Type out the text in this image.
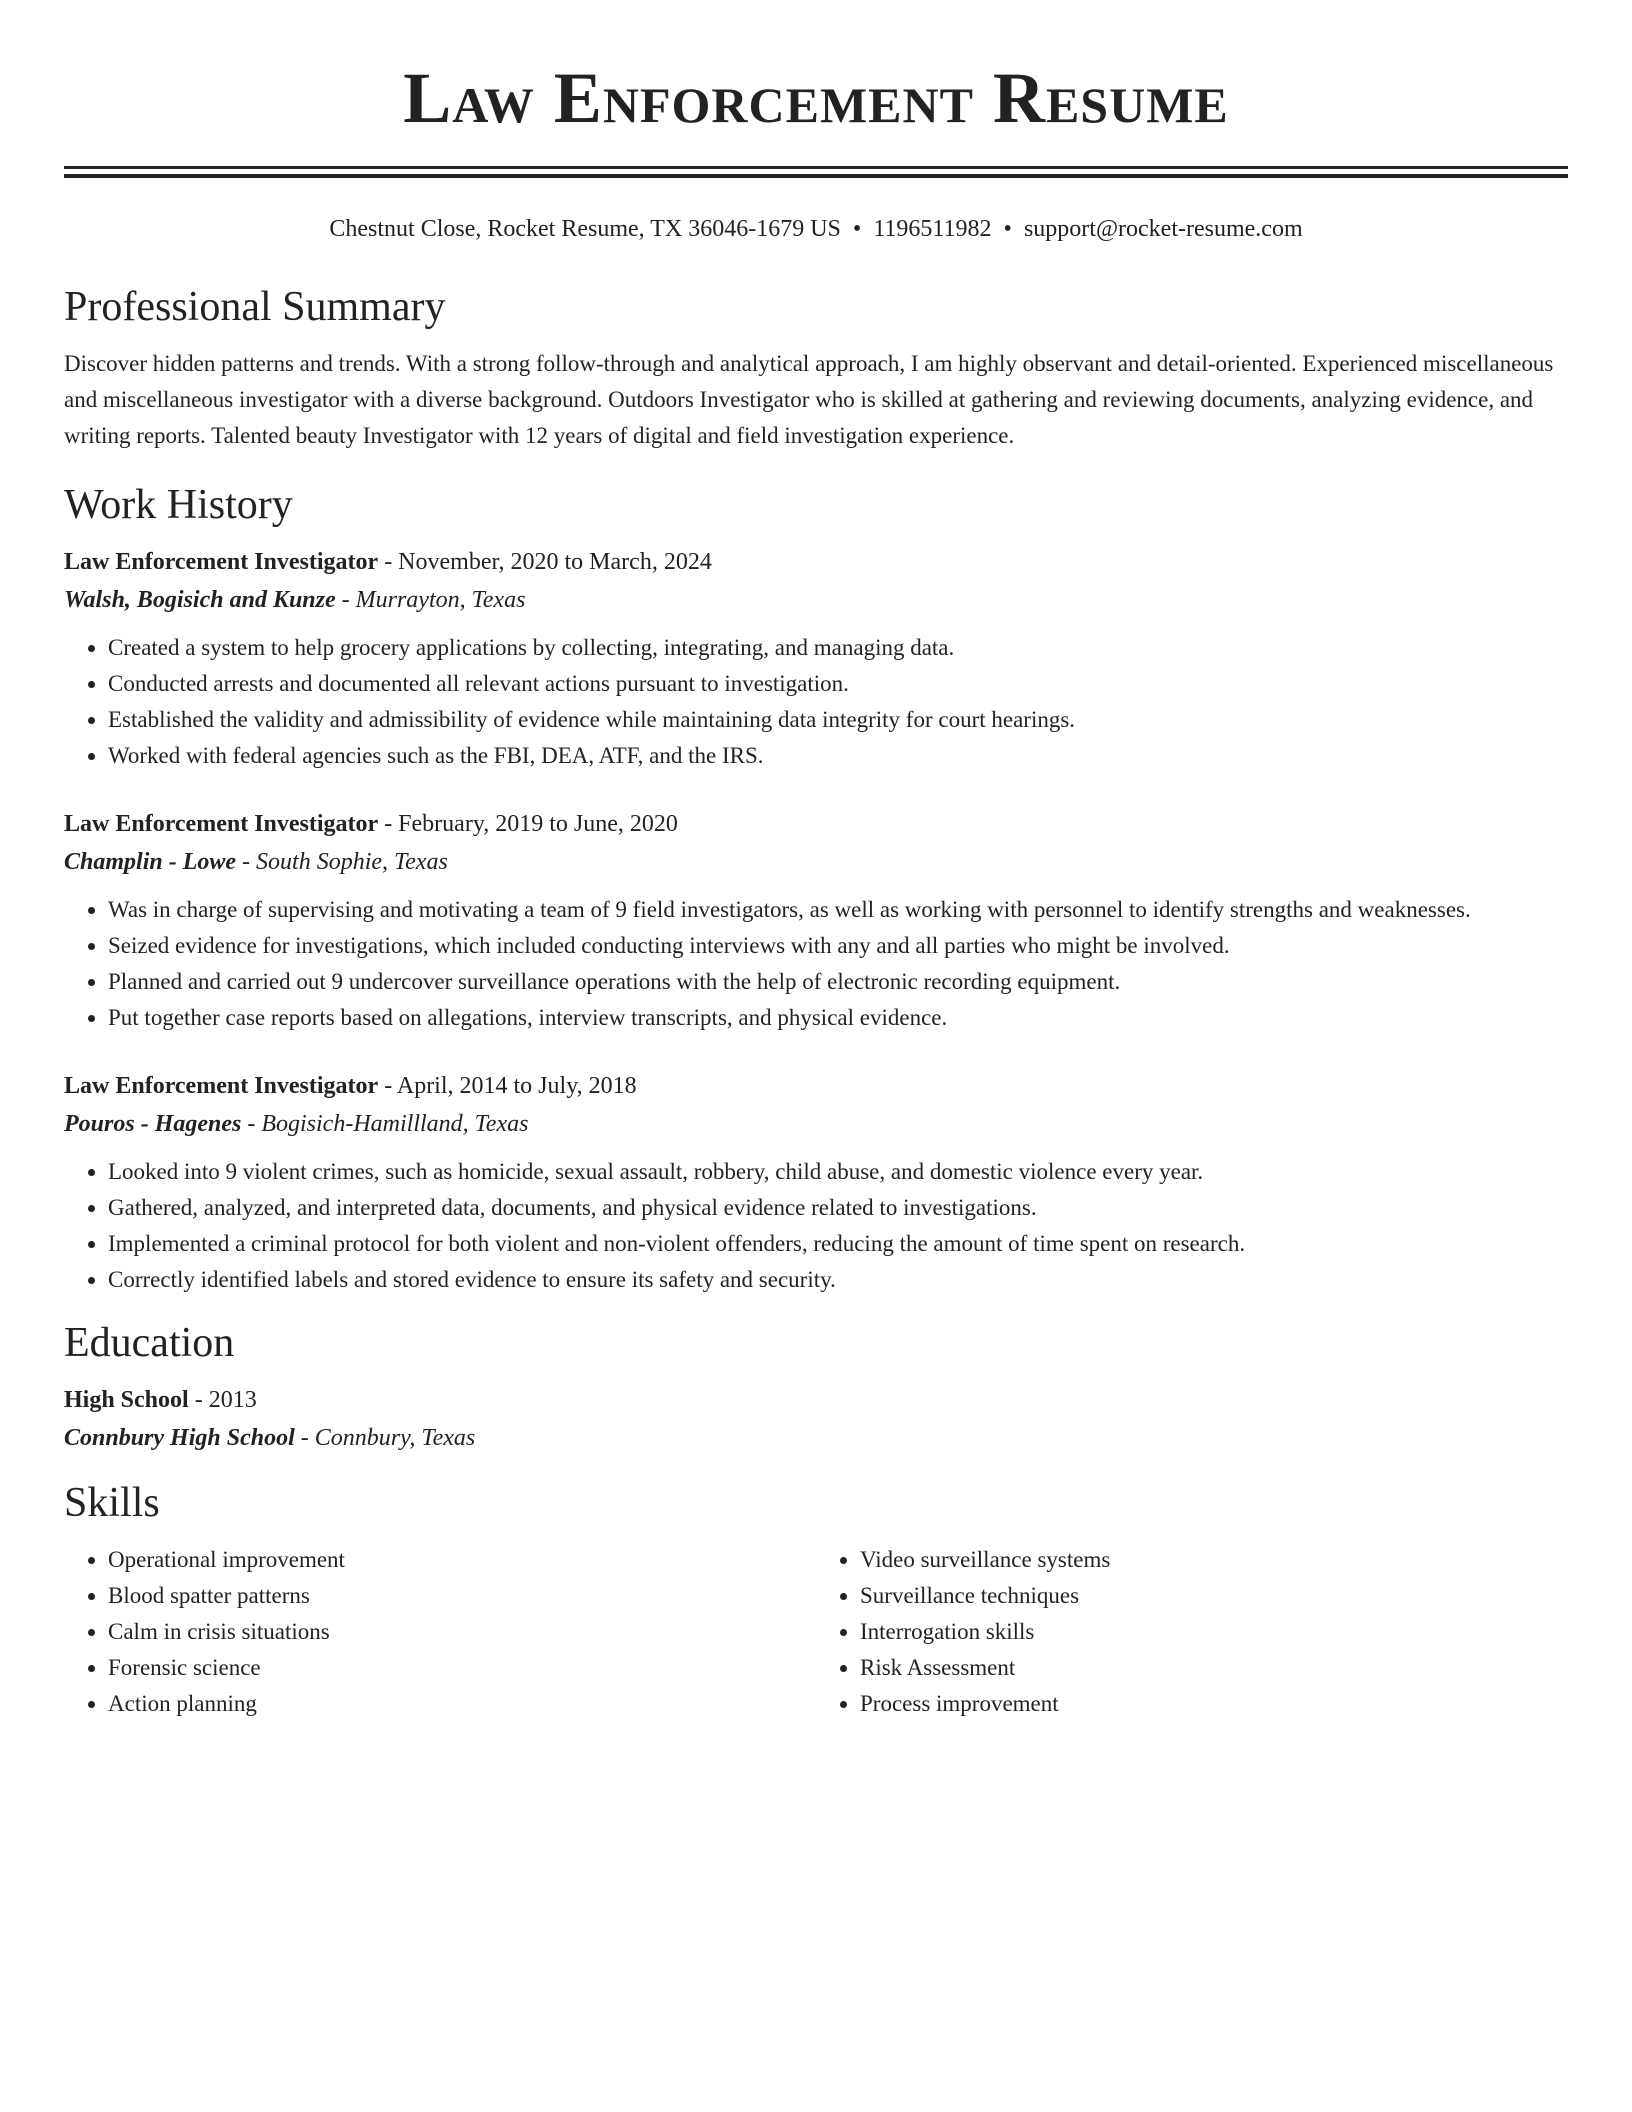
Law Enforcement Resume
Chestnut Close, Rocket Resume, TX 36046-1679 US • 1196511982 • support@rocket-resume.com
Professional Summary

Discover hidden patterns and trends. With a strong follow-through and analytical approach, I am highly observant and detail-oriented. Experienced miscellaneous and miscellaneous investigator with a diverse background. Outdoors Investigator who is skilled at gathering and reviewing documents, analyzing evidence, and writing reports. Talented beauty Investigator with 12 years of digital and field investigation experience.

Work History

Law Enforcement Investigator - November, 2020 to March, 2024

Walsh, Bogisich and Kunze - Murrayton, Texas

• Created a system to help grocery applications by collecting, integrating, and managing data.
• Conducted arrests and documented all relevant actions pursuant to investigation.
• Established the validity and admissibility of evidence while maintaining data integrity for court hearings.
• Worked with federal agencies such as the FBI, DEA, ATF, and the IRS.

Law Enforcement Investigator - February, 2019 to June, 2020

Champlin - Lowe - South Sophie, Texas

• Was in charge of supervising and motivating a team of 9 field investigators, as well as working with personnel to identify strengths and weaknesses.
• Seized evidence for investigations, which included conducting interviews with any and all parties who might be involved.
• Planned and carried out 9 undercover surveillance operations with the help of electronic recording equipment.
• Put together case reports based on allegations, interview transcripts, and physical evidence.

Law Enforcement Investigator - April, 2014 to July, 2018

Pouros - Hagenes - Bogisich-Hamillland, Texas

• Looked into 9 violent crimes, such as homicide, sexual assault, robbery, child abuse, and domestic violence every year.
• Gathered, analyzed, and interpreted data, documents, and physical evidence related to investigations.
• Implemented a criminal protocol for both violent and non-violent offenders, reducing the amount of time spent on research.
• Correctly identified labels and stored evidence to ensure its safety and security.
Education

High School - 2013

Connbury High School - Connbury, Texas

Skills
• Operational improvement
• Blood spatter patterns
• Calm in crisis situations
• Forensic science
• Action planning
• Video surveillance systems
• Surveillance techniques
• Interrogation skills
• Risk Assessment
• Process improvement
